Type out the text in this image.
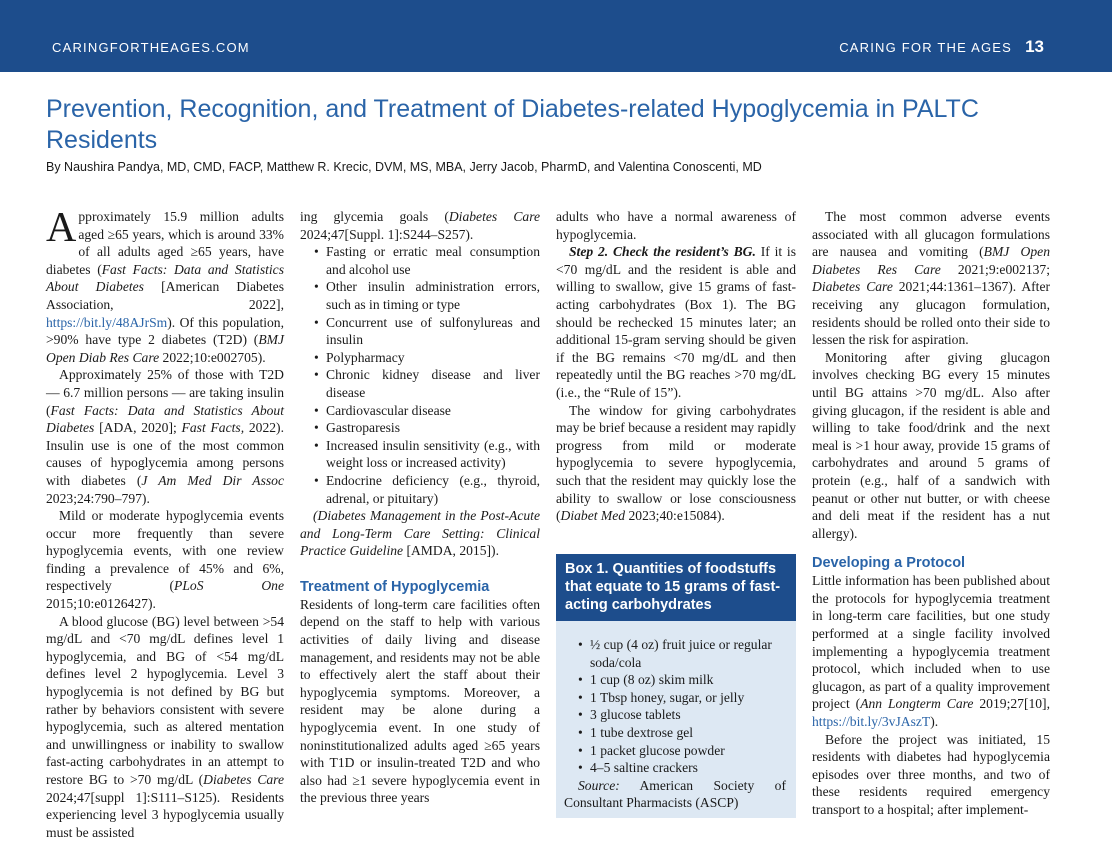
CARINGFORTHEAGES.COM	CARING FOR THE AGES 13
Prevention, Recognition, and Treatment of Diabetes-related Hypoglycemia in PALTC Residents
By Naushira Pandya, MD, CMD, FACP, Matthew R. Krecic, DVM, MS, MBA, Jerry Jacob, PharmD, and Valentina Conoscenti, MD

Approximately 15.9 million adults aged ≥65 years, which is around 33% of all adults aged ≥65 years, have diabetes (Fast Facts: Data and Statistics About Diabetes [American Diabetes Association, 2022], https://bit.ly/48AJrSm). Of this population, >90% have type 2 diabetes (T2D) (BMJ Open Diab Res Care 2022;10:e002705).

Approximately 25% of those with T2D — 6.7 million persons — are taking insulin (Fast Facts: Data and Statistics About Diabetes [ADA, 2020]; Fast Facts, 2022). Insulin use is one of the most common causes of hypoglycemia among persons with diabetes (J Am Med Dir Assoc 2023;24:790–797).

Mild or moderate hypoglycemia events occur more frequently than severe hypoglycemia events, with one review finding a prevalence of 45% and 6%, respectively (PLoS One 2015;10:e0126427).

A blood glucose (BG) level between >54 mg/dL and <70 mg/dL defines level 1 hypoglycemia, and BG of <54 mg/dL defines level 2 hypoglycemia. Level 3 hypoglycemia is not defined by BG but rather by behaviors consistent with severe hypoglycemia, such as altered mentation and unwillingness or inability to swallow fast-acting carbohydrates in an attempt to restore BG to >70 mg/dL (Diabetes Care 2024;47[suppl 1]:S111–S125). Residents experiencing level 3 hypoglycemia usually must be assisted

ing glycemia goals (Diabetes Care 2024;47[Suppl. 1]:S244–S257).

• Fasting or erratic meal consumption and alcohol use
• Other insulin administration errors, such as in timing or type
• Concurrent use of sulfonylureas and insulin
• Polypharmacy
• Chronic kidney disease and liver disease
• Cardiovascular disease
• Gastroparesis
• Increased insulin sensitivity (e.g., with weight loss or increased activity)
• Endocrine deficiency (e.g., thyroid, adrenal, or pituitary)

(Diabetes Management in the Post-Acute and Long-Term Care Setting: Clinical Practice Guideline [AMDA, 2015]).

Treatment of Hypoglycemia

Residents of long-term care facilities often depend on the staff to help with various activities of daily living and disease management, and residents may not be able to effectively alert the staff about their hypoglycemia symptoms. Moreover, a resident may be alone during a hypoglycemia event. In one study of noninstitutionalized adults aged ≥65 years with T1D or insulin-treated T2D and who also had ≥1 severe hypoglycemia event in the previous three years

adults who have a normal awareness of hypoglycemia.

Step 2. Check the resident’s BG. If it is <70 mg/dL and the resident is able and willing to swallow, give 15 grams of fast-acting carbohydrates (Box 1). The BG should be rechecked 15 minutes later; an additional 15-gram serving should be given if the BG remains <70 mg/dL and then repeatedly until the BG reaches >70 mg/dL (i.e., the “Rule of 15”).

The window for giving carbohydrates may be brief because a resident may rapidly progress from mild or moderate hypoglycemia to severe hypoglycemia, such that the resident may quickly lose the ability to swallow or lose consciousness (Diabet Med 2023;40:e15084).

Box 1. Quantities of foodstuffs that equate to 15 grams of fast-acting carbohydrates
• ½ cup (4 oz) fruit juice or regular soda/cola
• 1 cup (8 oz) skim milk
• 1 Tbsp honey, sugar, or jelly
• 3 glucose tablets
• 1 tube dextrose gel
• 1 packet glucose powder
• 4–5 saltine crackers

Source: American Society of Consultant Pharmacists (ASCP)

The most common adverse events associated with all glucagon formulations are nausea and vomiting (BMJ Open Diabetes Res Care 2021;9:e002137; Diabetes Care 2021;44:1361–1367). After receiving any glucagon formulation, residents should be rolled onto their side to lessen the risk for aspiration.

Monitoring after giving glucagon involves checking BG every 15 minutes until BG attains >70 mg/dL. Also after giving glucagon, if the resident is able and willing to take food/drink and the next meal is >1 hour away, provide 15 grams of carbohydrates and around 5 grams of protein (e.g., half of a sandwich with peanut or other nut butter, or with cheese and deli meat if the resident has a nut allergy).

Developing a Protocol

Little information has been published about the protocols for hypoglycemia treatment in long-term care facilities, but one study performed at a single facility involved implementing a hypoglycemia treatment protocol, which included when to use glucagon, as part of a quality improvement project (Ann Longterm Care 2019;27[10], https://bit.ly/3vJAszT).

Before the project was initiated, 15 residents with diabetes had hypoglycemia episodes over three months, and two of these residents required emergency transport to a hospital; after implement-
